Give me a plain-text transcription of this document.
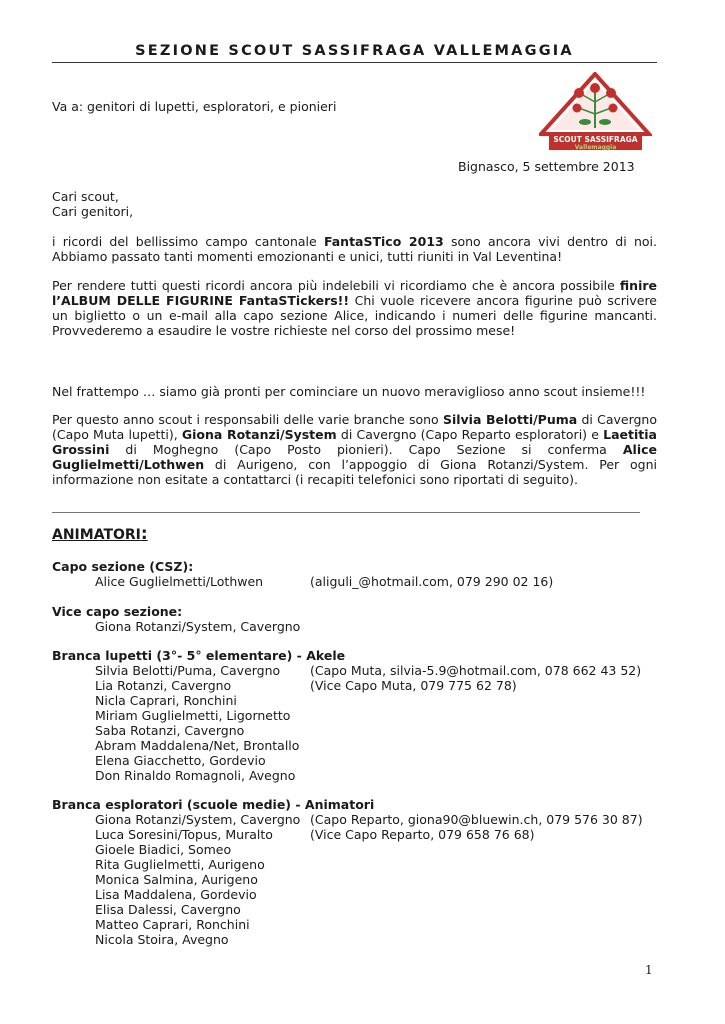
SEZIONE SCOUT SASSIFRAGA VALLEMAGGIA
SCOUT SASSIFRAGA
Vallemaggia
Va a: genitori di lupetti, esploratori, e pionieri
Bignasco, 5 settembre 2013
Cari scout,
Cari genitori,
i ricordi del bellissimo campo cantonale FantaSTico 2013 sono ancora vivi dentro di noi. Abbiamo passato tanti momenti emozionanti e unici, tutti riuniti in Val Leventina!
Per rendere tutti questi ricordi ancora più indelebili vi ricordiamo che è ancora possibile finire l’ALBUM DELLE FIGURINE FantaSTickers!! Chi vuole ricevere ancora figurine può scrivere un biglietto o un e-mail alla capo sezione Alice, indicando i numeri delle figurine mancanti. Provvederemo a esaudire le vostre richieste nel corso del prossimo mese!
Nel frattempo … siamo già pronti per cominciare un nuovo meraviglioso anno scout insieme!!!
Per questo anno scout i responsabili delle varie branche sono Silvia Belotti/Puma di Cavergno (Capo Muta lupetti), Giona Rotanzi/System di Cavergno (Capo Reparto esploratori) e Laetitia Grossini di Moghegno (Capo Posto pionieri). Capo Sezione si conferma Alice Guglielmetti/Lothwen di Aurigeno, con l’appoggio di Giona Rotanzi/System. Per ogni informazione non esitate a contattarci (i recapiti telefonici sono riportati di seguito).
ANIMATORI:
Capo sezione (CSZ):
Alice Guglielmetti/Lothwen	(aliguli_@hotmail.com, 079 290 02 16)
Vice capo sezione:
Giona Rotanzi/System, Cavergno
Branca lupetti (3°- 5° elementare) - Akele
Silvia Belotti/Puma, Cavergno (Capo Muta, silvia-5.9@hotmail.com, 078 662 43 52)
Lia Rotanzi, Cavergno	(Vice Capo Muta, 079 775 62 78)
Nicla Caprari, Ronchini
Miriam Guglielmetti, Ligornetto
Saba Rotanzi, Cavergno
Abram Maddalena/Net, Brontallo
Elena Giacchetto, Gordevio
Don Rinaldo Romagnoli, Avegno
Branca esploratori (scuole medie) - Animatori
Giona Rotanzi/System, Cavergno (Capo Reparto, giona90@bluewin.ch, 079 576 30 87)
Luca Soresini/Topus, Muralto	(Vice Capo Reparto, 079 658 76 68)
Gioele Biadici, Someo
Rita Guglielmetti, Aurigeno
Monica Salmina, Aurigeno
Lisa Maddalena, Gordevio
Elisa Dalessi, Cavergno
Matteo Caprari, Ronchini
Nicola Stoira, Avegno
1
